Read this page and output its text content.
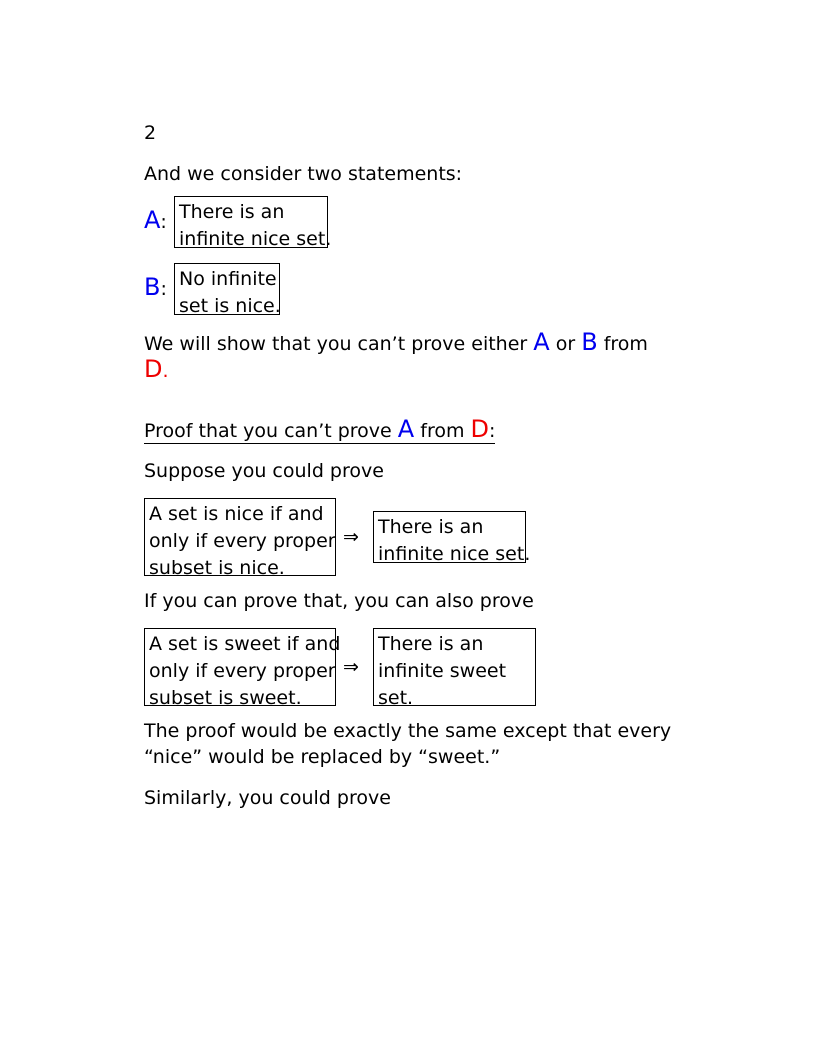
2
And we consider two statements:
A: There is an
infinite nice set.
B: No infinite
set is nice.
We will show that you can’t prove either A or B from
D.
Proof that you can’t prove A from D:
Suppose you could prove
A set is nice if and
only if every proper
subset is nice.
⇒ There is an
infinite nice set.
If you can prove that, you can also prove
A set is sweet if and
only if every proper
subset is sweet.
⇒
There is an
infinite sweet
set.
The proof would be exactly the same except that every
“nice” would be replaced by “sweet.”
Similarly, you could prove
